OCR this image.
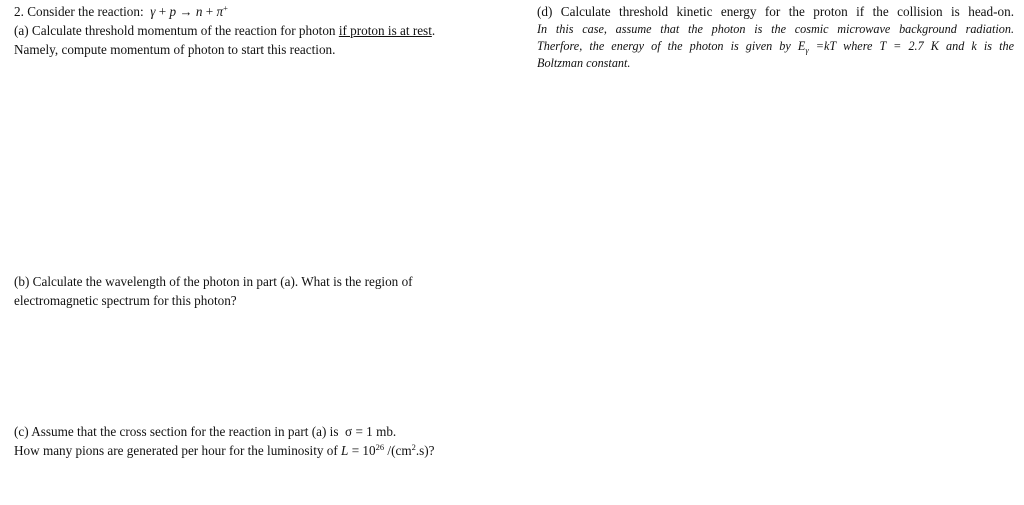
2. Consider the reaction: γ + p → n + π+
(a) Calculate threshold momentum of the reaction for photon if proton is at rest.
Namely, compute momentum of photon to start this reaction.
(b) Calculate the wavelength of the photon in part (a). What is the region of
electromagnetic spectrum for this photon?
(c) Assume that the cross section for the reaction in part (a) is σ = 1 mb.
How many pions are generated per hour for the luminosity of $L = 10^{26}$ $/(cm^2.s)$?
(d) Calculate threshold kinetic energy for the proton if the collision is head-on.
In this case, assume that the photon is the cosmic microwave background radiation.
Therfore, the energy of the photon is given by $E_\gamma =kT$ where T = 2.7 K and k is the
Boltzman constant.
